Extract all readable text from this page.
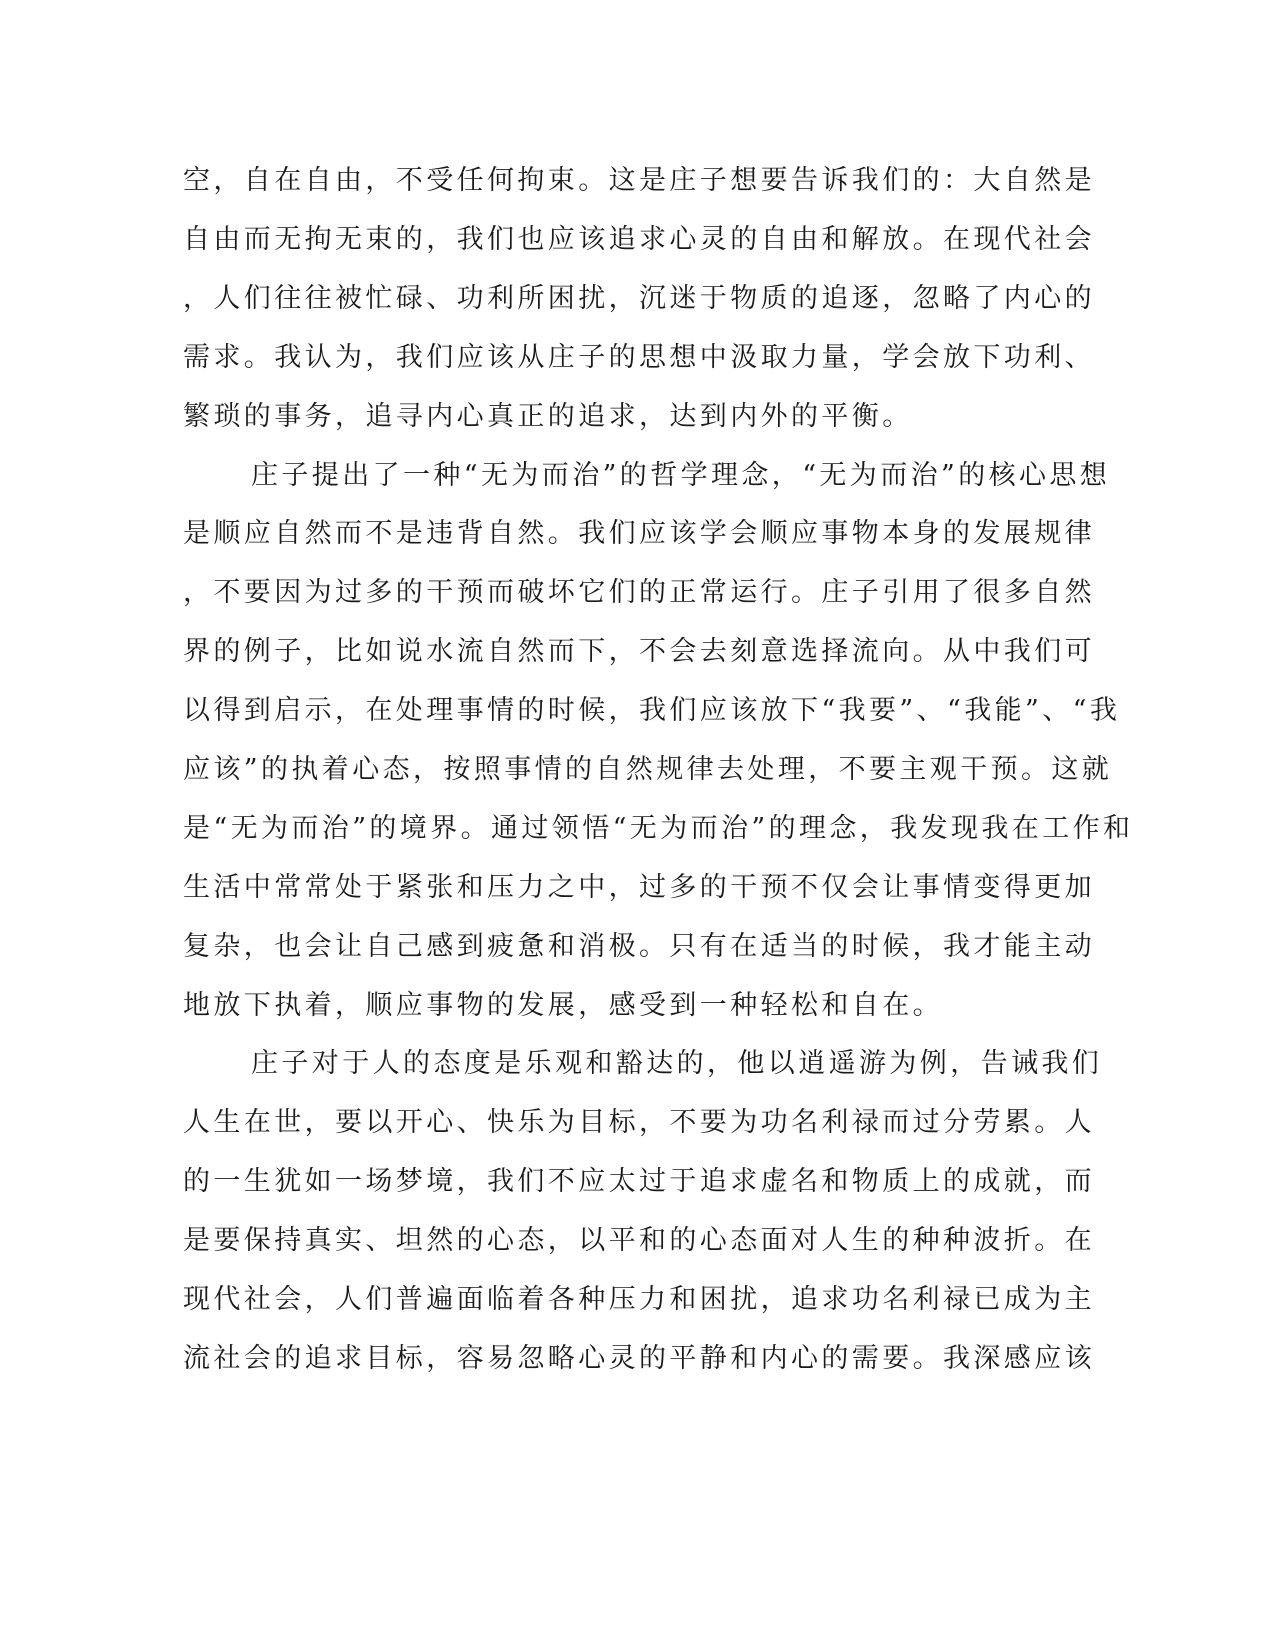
空，自在自由，不受任何拘束。这是庄子想要告诉我们的：大自然是
自由而无拘无束的，我们也应该追求心灵的自由和解放。在现代社会
，人们往往被忙碌、功利所困扰，沉迷于物质的追逐，忽略了内心的
需求。我认为，我们应该从庄子的思想中汲取力量，学会放下功利、
繁琐的事务，追寻内心真正的追求，达到内外的平衡。
庄子提出了一种“无为而治”的哲学理念，“无为而治”的核心思想
是顺应自然而不是违背自然。我们应该学会顺应事物本身的发展规律
，不要因为过多的干预而破坏它们的正常运行。庄子引用了很多自然
界的例子，比如说水流自然而下，不会去刻意选择流向。从中我们可
以得到启示，在处理事情的时候，我们应该放下“我要”、“我能”、“我
应该”的执着心态，按照事情的自然规律去处理，不要主观干预。这就
是“无为而治”的境界。通过领悟“无为而治”的理念，我发现我在工作和
生活中常常处于紧张和压力之中，过多的干预不仅会让事情变得更加
复杂，也会让自己感到疲惫和消极。只有在适当的时候，我才能主动
地放下执着，顺应事物的发展，感受到一种轻松和自在。
庄子对于人的态度是乐观和豁达的，他以逍遥游为例，告诫我们
人生在世，要以开心、快乐为目标，不要为功名利禄而过分劳累。人
的一生犹如一场梦境，我们不应太过于追求虚名和物质上的成就，而
是要保持真实、坦然的心态，以平和的心态面对人生的种种波折。在
现代社会，人们普遍面临着各种压力和困扰，追求功名利禄已成为主
流社会的追求目标，容易忽略心灵的平静和内心的需要。我深感应该
